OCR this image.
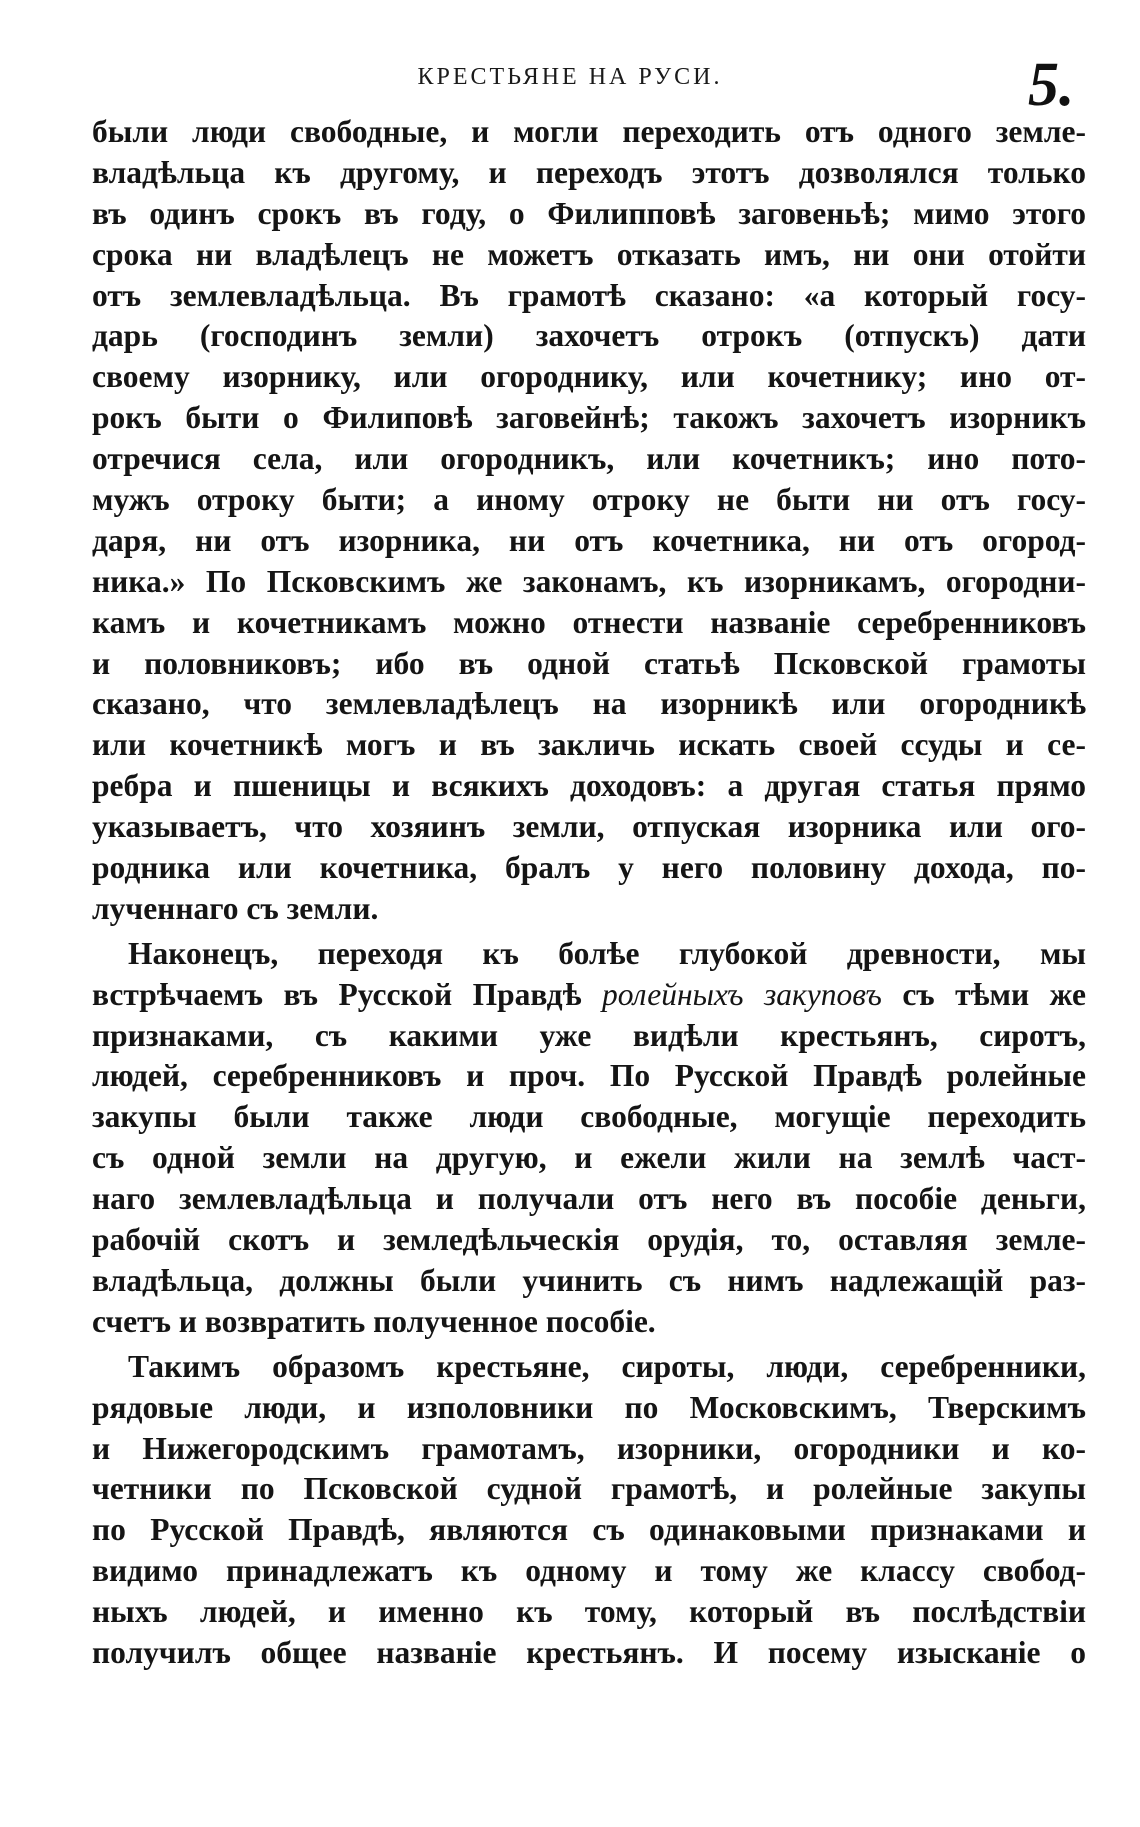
КРЕСТЬЯНЕ НА РУСИ.	5.
были люди свободные, и могли переходить отъ одного земле-
владѣльца къ другому, и переходъ этотъ дозволялся только
въ одинъ срокъ въ году, о Филипповѣ заговеньѣ; мимо этого
срока ни владѣлецъ не можетъ отказать имъ, ни они отойти
отъ землевладѣльца. Въ грамотѣ сказано: «а который госу-
дарь (господинъ земли) захочетъ отрокъ (отпускъ) дати
своему изорнику, или огороднику, или кочетнику; ино от-
рокъ быти о Филиповѣ заговейнѣ; такожъ захочетъ изорникъ
отречися села, или огородникъ, или кочетникъ; ино пото-
мужъ отроку быти; а иному отроку не быти ни отъ госу-
даря, ни отъ изорника, ни отъ кочетника, ни отъ огород-
ника.» По Псковскимъ же законамъ, къ изорникамъ, огородни-
камъ и кочетникамъ можно отнести названіе серебренниковъ
и половниковъ; ибо въ одной статьѣ Псковской грамоты
сказано, что землевладѣлецъ на изорникѣ или огородникѣ
или кочетникѣ могъ и въ закличь искать своей ссуды и се-
ребра и пшеницы и всякихъ доходовъ: а другая статья прямо
указываетъ, что хозяинъ земли, отпуская изорника или ого-
родника или кочетника, бралъ у него половину дохода, по-
лученнаго съ земли.
Наконецъ, переходя къ болѣе глубокой древности, мы
встрѣчаемъ въ Русской Правдѣ ролейныхъ закуповъ съ тѣми же
признаками, съ какими уже видѣли крестьянъ, сиротъ,
людей, серебренниковъ и проч. По Русской Правдѣ ролейные
закупы были также люди свободные, могущіе переходить
съ одной земли на другую, и ежели жили на землѣ част-
наго землевладѣльца и получали отъ него въ пособіе деньги,
рабочій скотъ и земледѣльческія орудія, то, оставляя земле-
владѣльца, должны были учинить съ нимъ надлежащій раз-
счетъ и возвратить полученное пособіе.
Такимъ образомъ крестьяне, сироты, люди, серебренники,
рядовые люди, и изполовники по Московскимъ, Тверскимъ
и Нижегородскимъ грамотамъ, изорники, огородники и ко-
четники по Псковской судной грамотѣ, и ролейные закупы
по Русской Правдѣ, являются съ одинаковыми признаками и
видимо принадлежатъ къ одному и тому же классу свобод-
ныхъ людей, и именно къ тому, который въ послѣдствіи
получилъ общее названіе крестьянъ. И посему изысканіе о
